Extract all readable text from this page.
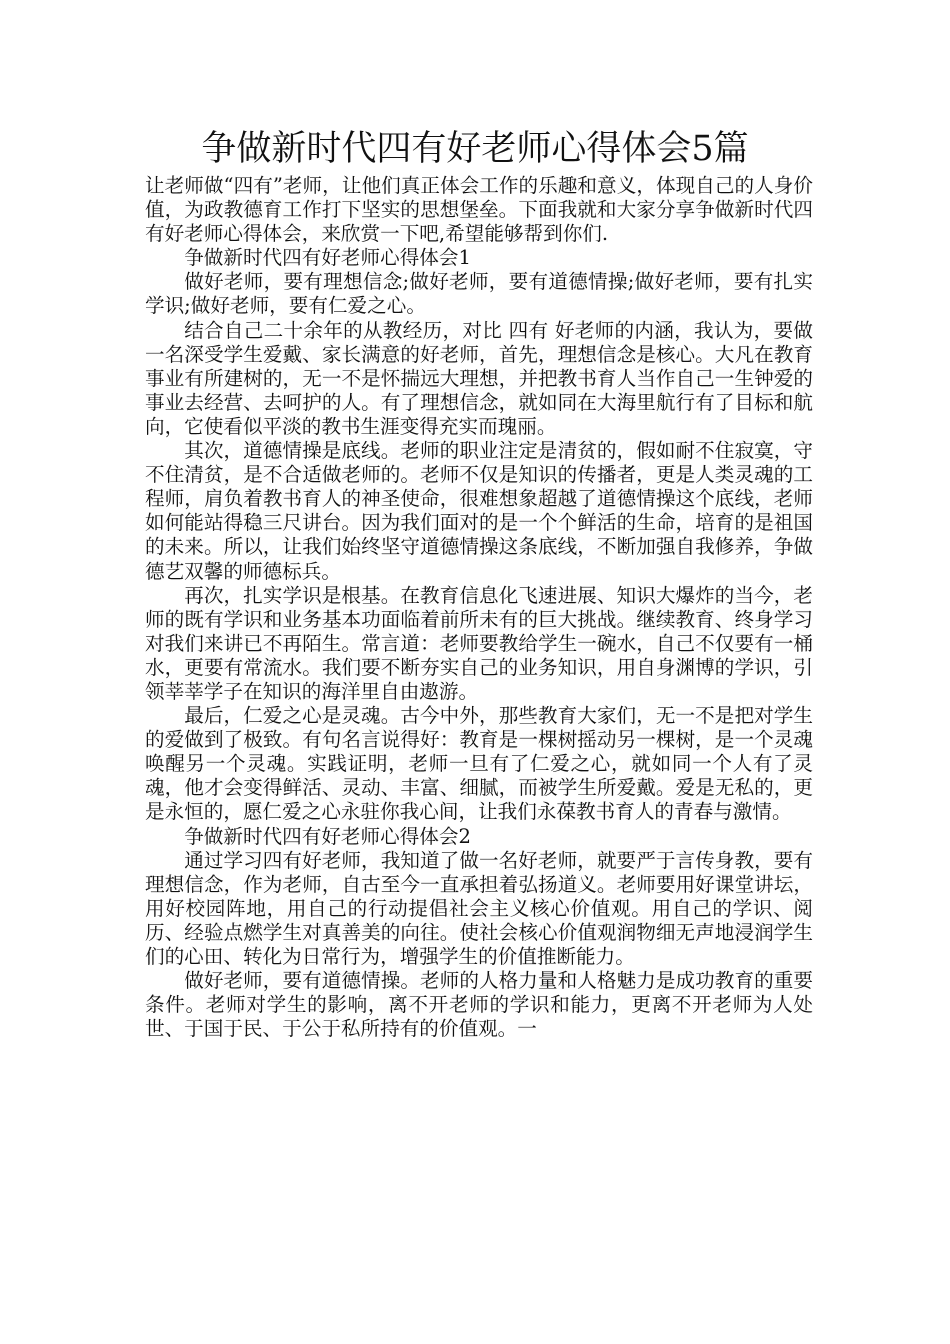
争做新时代四有好老师心得体会5篇

让老师做“四有”老师，让他们真正体会工作的乐趣和意义，体现自己的人身价值，为政教德育工作打下坚实的思想堡垒。下面我就和大家分享争做新时代四有好老师心得体会，来欣赏一下吧,希望能够帮到你们.

争做新时代四有好老师心得体会1

做好老师，要有理想信念;做好老师，要有道德情操;做好老师，要有扎实学识;做好老师，要有仁爱之心。

结合自己二十余年的从教经历，对比 四有 好老师的内涵，我认为，要做一名深受学生爱戴、家长满意的好老师，首先，理想信念是核心。大凡在教育事业有所建树的，无一不是怀揣远大理想，并把教书育人当作自己一生钟爱的事业去经营、去呵护的人。有了理想信念，就如同在大海里航行有了目标和航向，它使看似平淡的教书生涯变得充实而瑰丽。

其次，道德情操是底线。老师的职业注定是清贫的，假如耐不住寂寞，守不住清贫，是不合适做老师的。老师不仅是知识的传播者，更是人类灵魂的工程师，肩负着教书育人的神圣使命，很难想象超越了道德情操这个底线，老师如何能站得稳三尺讲台。因为我们面对的是一个个鲜活的生命，培育的是祖国的未来。所以，让我们始终坚守道德情操这条底线，不断加强自我修养，争做德艺双馨的师德标兵。

再次，扎实学识是根基。在教育信息化飞速进展、知识大爆炸的当今，老师的既有学识和业务基本功面临着前所未有的巨大挑战。继续教育、终身学习对我们来讲已不再陌生。常言道：老师要教给学生一碗水，自己不仅要有一桶水，更要有常流水。我们要不断夯实自己的业务知识，用自身渊博的学识，引领莘莘学子在知识的海洋里自由遨游。

最后，仁爱之心是灵魂。古今中外，那些教育大家们，无一不是把对学生的爱做到了极致。有句名言说得好：教育是一棵树摇动另一棵树，是一个灵魂唤醒另一个灵魂。实践证明，老师一旦有了仁爱之心，就如同一个人有了灵魂，他才会变得鲜活、灵动、丰富、细腻，而被学生所爱戴。爱是无私的，更是永恒的，愿仁爱之心永驻你我心间，让我们永葆教书育人的青春与激情。

争做新时代四有好老师心得体会2

通过学习四有好老师，我知道了做一名好老师，就要严于言传身教，要有理想信念，作为老师，自古至今一直承担着弘扬道义。老师要用好课堂讲坛，用好校园阵地，用自己的行动提倡社会主义核心价值观。用自己的学识、阅历、经验点燃学生对真善美的向往。使社会核心价值观润物细无声地浸润学生们的心田、转化为日常行为，增强学生的价值推断能力。

做好老师，要有道德情操。老师的人格力量和人格魅力是成功教育的重要条件。老师对学生的影响，离不开老师的学识和能力，更离不开老师为人处世、于国于民、于公于私所持有的价值观。一
